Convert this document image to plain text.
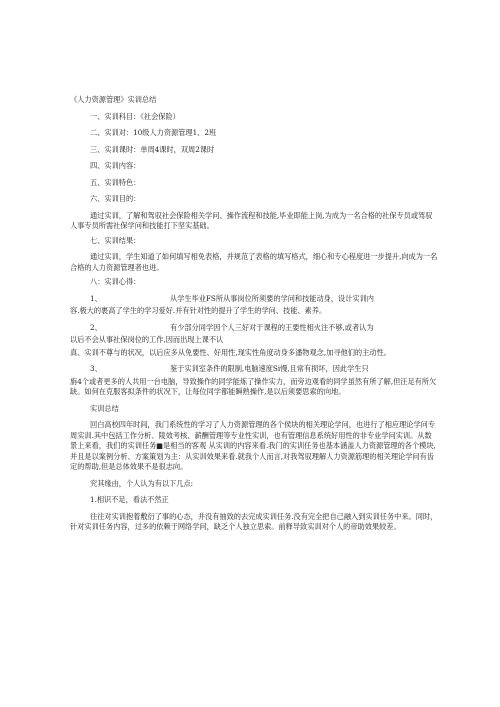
《人力资源管理》实训总结
一、实训科目：《社会保险）
二、实训对：10级人力资源管理1、2班
三、实训课时：单周4课时，双周2课时
四、实训内容：
五、实训特色：
六、实训目的：
通过实训，了解和驾驭社会保险相关学问、操作流程和技能,毕业即能上岗,为成为一名合格的社保专员或驾驭人事专员所需社保学问和技能打下坚实基础。
七、实训结果：
通过实训，学生知道了如何填写相免表格，并规范了表格的填写格式，细心和专心程度进一步提升,向成为一名合格的人力资源管理者也进。
八：实训心得：
1、	从学生毕业FS所从事岗位所须要的学问和技能动身，设计实训内
容.极大的裹高了学生的学习爱好.并有针对性的提升了学生的学问、技能、素养。
2、	有少部分同学因个人三好对于课程的王要性相火注不够,或者认为
以后不会从事社保岗位的工作,因而出现上课不认
真、实训不尊与的状况，以后应多从免要性、好用性,现实性角度动身多潘物观念,加寻他们的主动性。
3、	鉴于实训室条件的限制,电脑速度Si慢,且常有损坏，因此学生只
旃4个或者更多的人共用一台电脑，导致操作的同学能炼了操作实力，而旁边观看的同学虽然有所了解,但汪足有所欠缺。如何在克服客拟条件的状况下，让每位同学都能瞬熟操作,是以后须要思索的向地。
实训总结
回白高校四年时间，我门系统性的学习了人力资源管理的各个侯块的相关理论学问，也进行了相应理论学问专周实训.其中包括工作分析、陵效考核、薪酬管理等专业性实训，也有管理信息系统好用性的非专业学问实训。从数景上来看，我们的实训任务■是相当的客观 从实训的内容来看.我门的实训任务也基本涵盖人力资源管理的各个模块,并且是以案例分析、方案策划为主：从实训效果来看.就我个人而言,对我驾驭理解人力资源筋理的相关理论学问有齿定的帮助,但是总体效果不是很志向。
究其缘由，个人认为有以下几点:
1.相识不足，看法不然正
往往对实训抱着敷衍了事的心态，并没有抽致的去完成实训任务.没有完全把自己融入到实训任务中来。同时，针对实训任务内容，过多的依赖于网络学问，缺乏个人独立思索。前释导致实训对个人的帝助效果较差。
